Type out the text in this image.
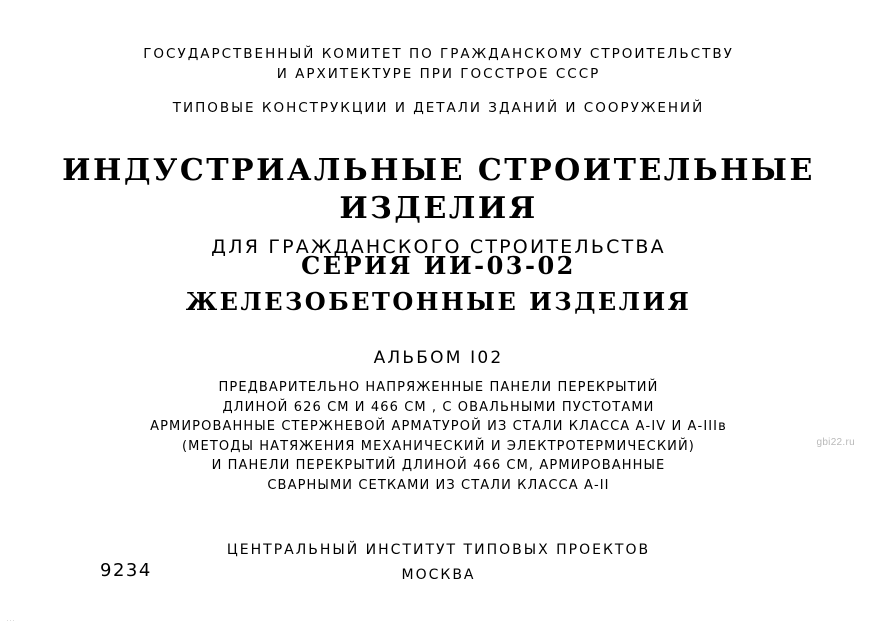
ГОСУДАРСТВЕННЫЙ КОМИТЕТ ПО ГРАЖДАНСКОМУ СТРОИТЕЛЬСТВУ
И АРХИТЕКТУРЕ ПРИ ГОССТРОЕ СССР
ТИПОВЫЕ КОНСТРУКЦИИ И ДЕТАЛИ ЗДАНИЙ И СООРУЖЕНИЙ
ИНДУСТРИАЛЬНЫЕ СТРОИТЕЛЬНЫЕ ИЗДЕЛИЯ
ДЛЯ ГРАЖДАНСКОГО СТРОИТЕЛЬСТВА
СЕРИЯ ИИ-03-02
ЖЕЛЕЗОБЕТОННЫЕ ИЗДЕЛИЯ
АЛЬБОМ I02
ПРЕДВАРИТЕЛЬНО НАПРЯЖЕННЫЕ ПАНЕЛИ ПЕРЕКРЫТИЙ
ДЛИНОЙ 626 СМ И 466 СМ , С ОВАЛЬНЫМИ ПУСТОТАМИ
АРМИРОВАННЫЕ СТЕРЖНЕВОЙ АРМАТУРОЙ ИЗ СТАЛИ КЛАССА А-IV И А-IIIв
(МЕТОДЫ НАТЯЖЕНИЯ МЕХАНИЧЕСКИЙ И ЭЛЕКТРОТЕРМИЧЕСКИЙ)
И ПАНЕЛИ ПЕРЕКРЫТИЙ ДЛИНОЙ 466 СМ, АРМИРОВАННЫЕ
СВАРНЫМИ СЕТКАМИ ИЗ СТАЛИ КЛАССА А-II
ЦЕНТРАЛЬНЫЙ ИНСТИТУТ ТИПОВЫХ ПРОЕКТОВ
МОСКВА
9234
gbi22.ru
···
